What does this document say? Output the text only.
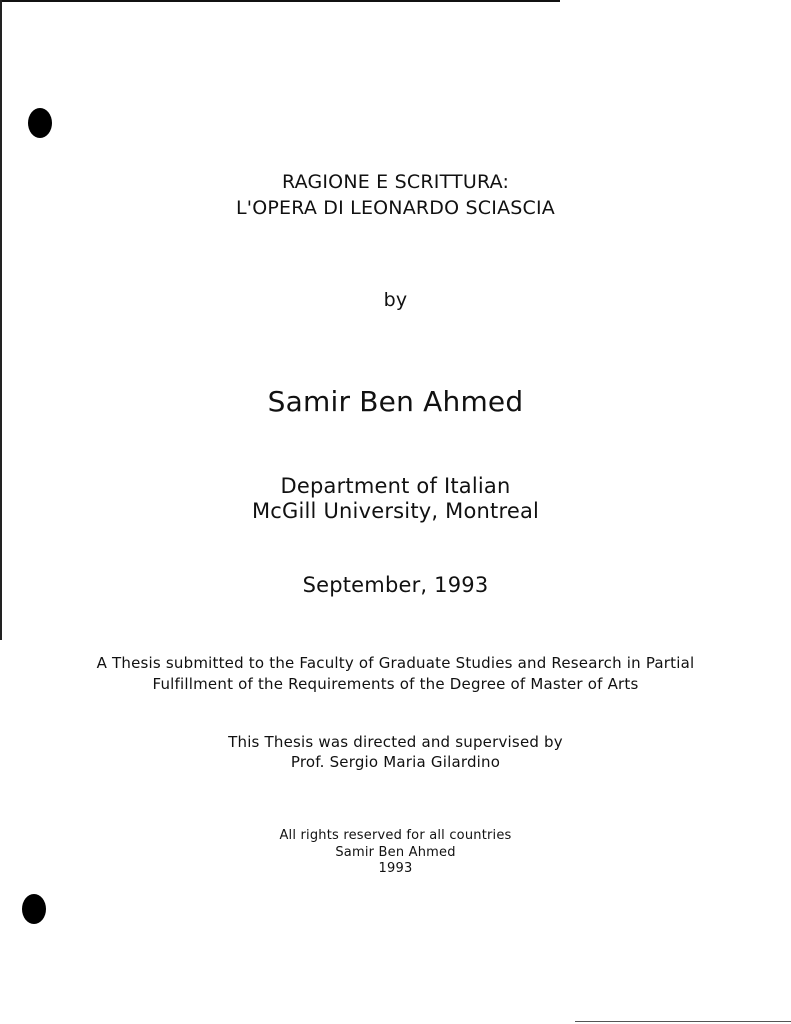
RAGIONE E SCRITTURA:
L'OPERA DI LEONARDO SCIASCIA
by
Samir Ben Ahmed
Department of Italian
McGill University, Montreal
September, 1993
A Thesis submitted to the Faculty of Graduate Studies and Research in Partial
Fulfillment of the Requirements of the Degree of Master of Arts
This Thesis was directed and supervised by
Prof. Sergio Maria Gilardino
All rights reserved for all countries
Samir Ben Ahmed
1993
